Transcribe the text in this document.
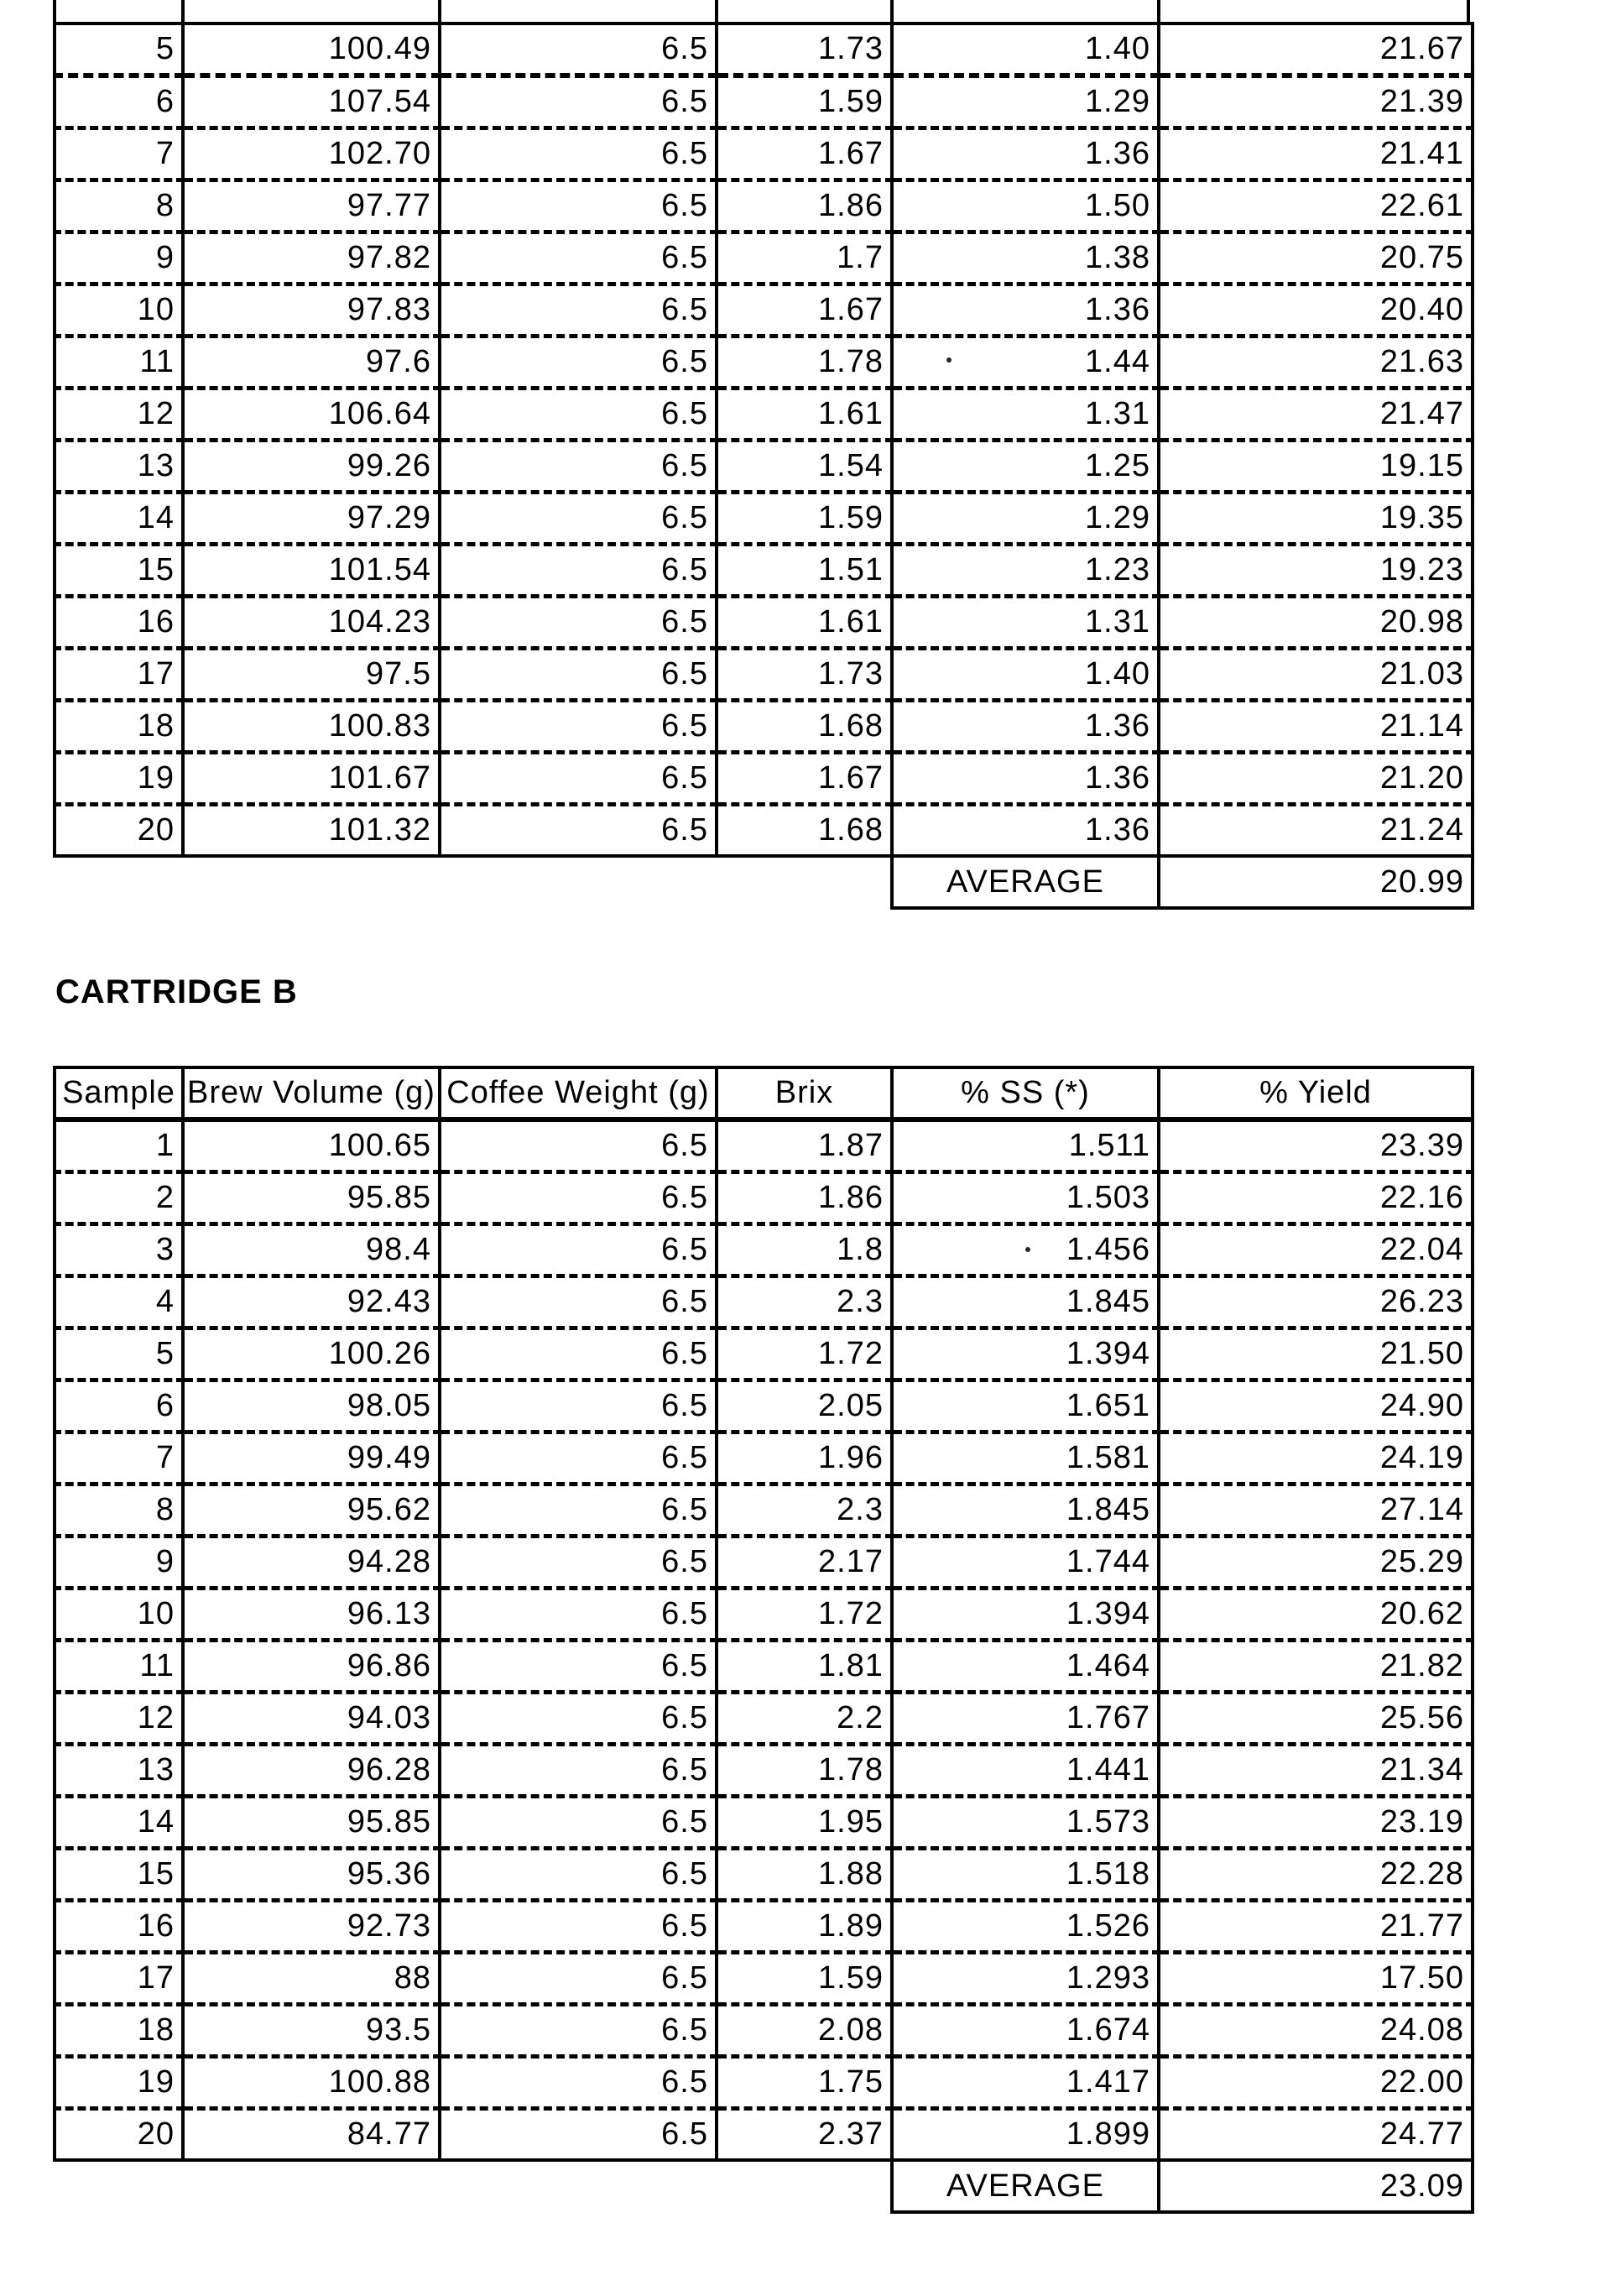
5	100.49	6.5	1.73	1.40	21.67
6	107.54	6.5	1.59	1.29	21.39
7	102.70	6.5	1.67	1.36	21.41
8	97.77	6.5	1.86	1.50	22.61
9	97.82	6.5	1.7	1.38	20.75
10	97.83	6.5	1.67	1.36	20.40
11	97.6	6.5	1.78	1.44	21.63
12	106.64	6.5	1.61	1.31	21.47
13	99.26	6.5	1.54	1.25	19.15
14	97.29	6.5	1.59	1.29	19.35
15	101.54	6.5	1.51	1.23	19.23
16	104.23	6.5	1.61	1.31	20.98
17	97.5	6.5	1.73	1.40	21.03
18	100.83	6.5	1.68	1.36	21.14
19	101.67	6.5	1.67	1.36	21.20
20	101.32	6.5	1.68	1.36	21.24
				AVERAGE	20.99
CARTRIDGE B
Sample	Brew Volume (g)	Coffee Weight (g)	Brix	% SS (*)	% Yield
1	100.65	6.5	1.87	1.511	23.39
2	95.85	6.5	1.86	1.503	22.16
3	98.4	6.5	1.8	1.456	22.04
4	92.43	6.5	2.3	1.845	26.23
5	100.26	6.5	1.72	1.394	21.50
6	98.05	6.5	2.05	1.651	24.90
7	99.49	6.5	1.96	1.581	24.19
8	95.62	6.5	2.3	1.845	27.14
9	94.28	6.5	2.17	1.744	25.29
10	96.13	6.5	1.72	1.394	20.62
11	96.86	6.5	1.81	1.464	21.82
12	94.03	6.5	2.2	1.767	25.56
13	96.28	6.5	1.78	1.441	21.34
14	95.85	6.5	1.95	1.573	23.19
15	95.36	6.5	1.88	1.518	22.28
16	92.73	6.5	1.89	1.526	21.77
17	88	6.5	1.59	1.293	17.50
18	93.5	6.5	2.08	1.674	24.08
19	100.88	6.5	1.75	1.417	22.00
20	84.77	6.5	2.37	1.899	24.77
				AVERAGE	23.09
